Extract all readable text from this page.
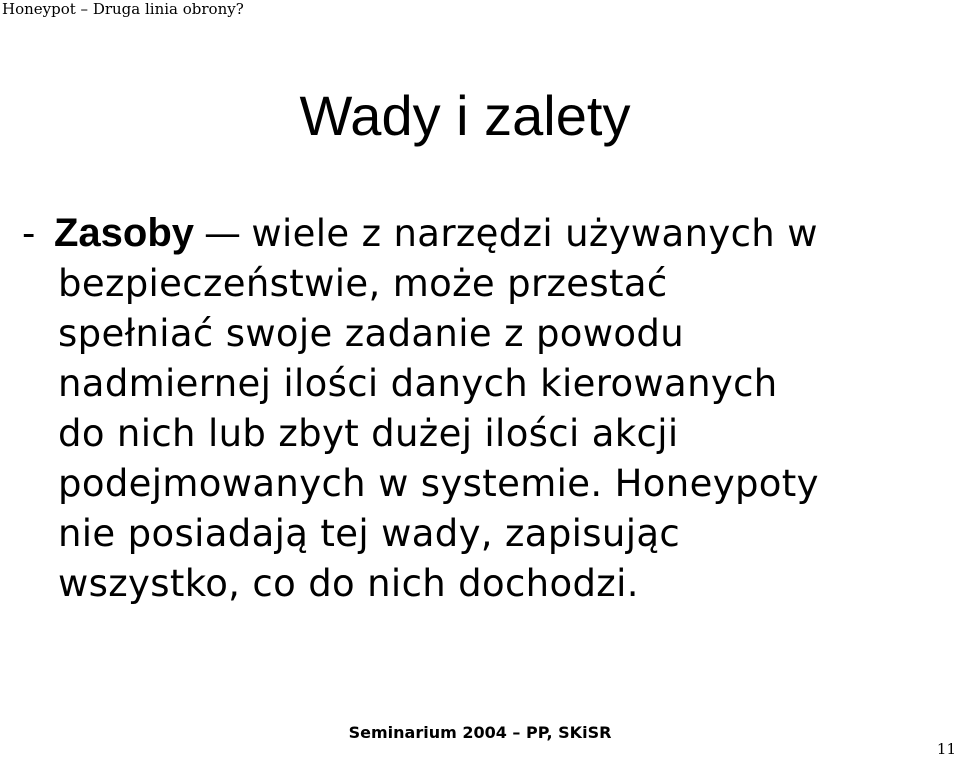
Honeypot – Druga linia obrony?
Wady i zalety
- Zasoby — wiele z narzędzi używanych w
bezpieczeństwie, może przestać
spełniać swoje zadanie z powodu
nadmiernej ilości danych kierowanych
do nich lub zbyt dużej ilości akcji
podejmowanych w systemie. Honeypoty
nie posiadają tej wady, zapisując
wszystko, co do nich dochodzi.
Seminarium 2004 – PP, SKiSR
11
